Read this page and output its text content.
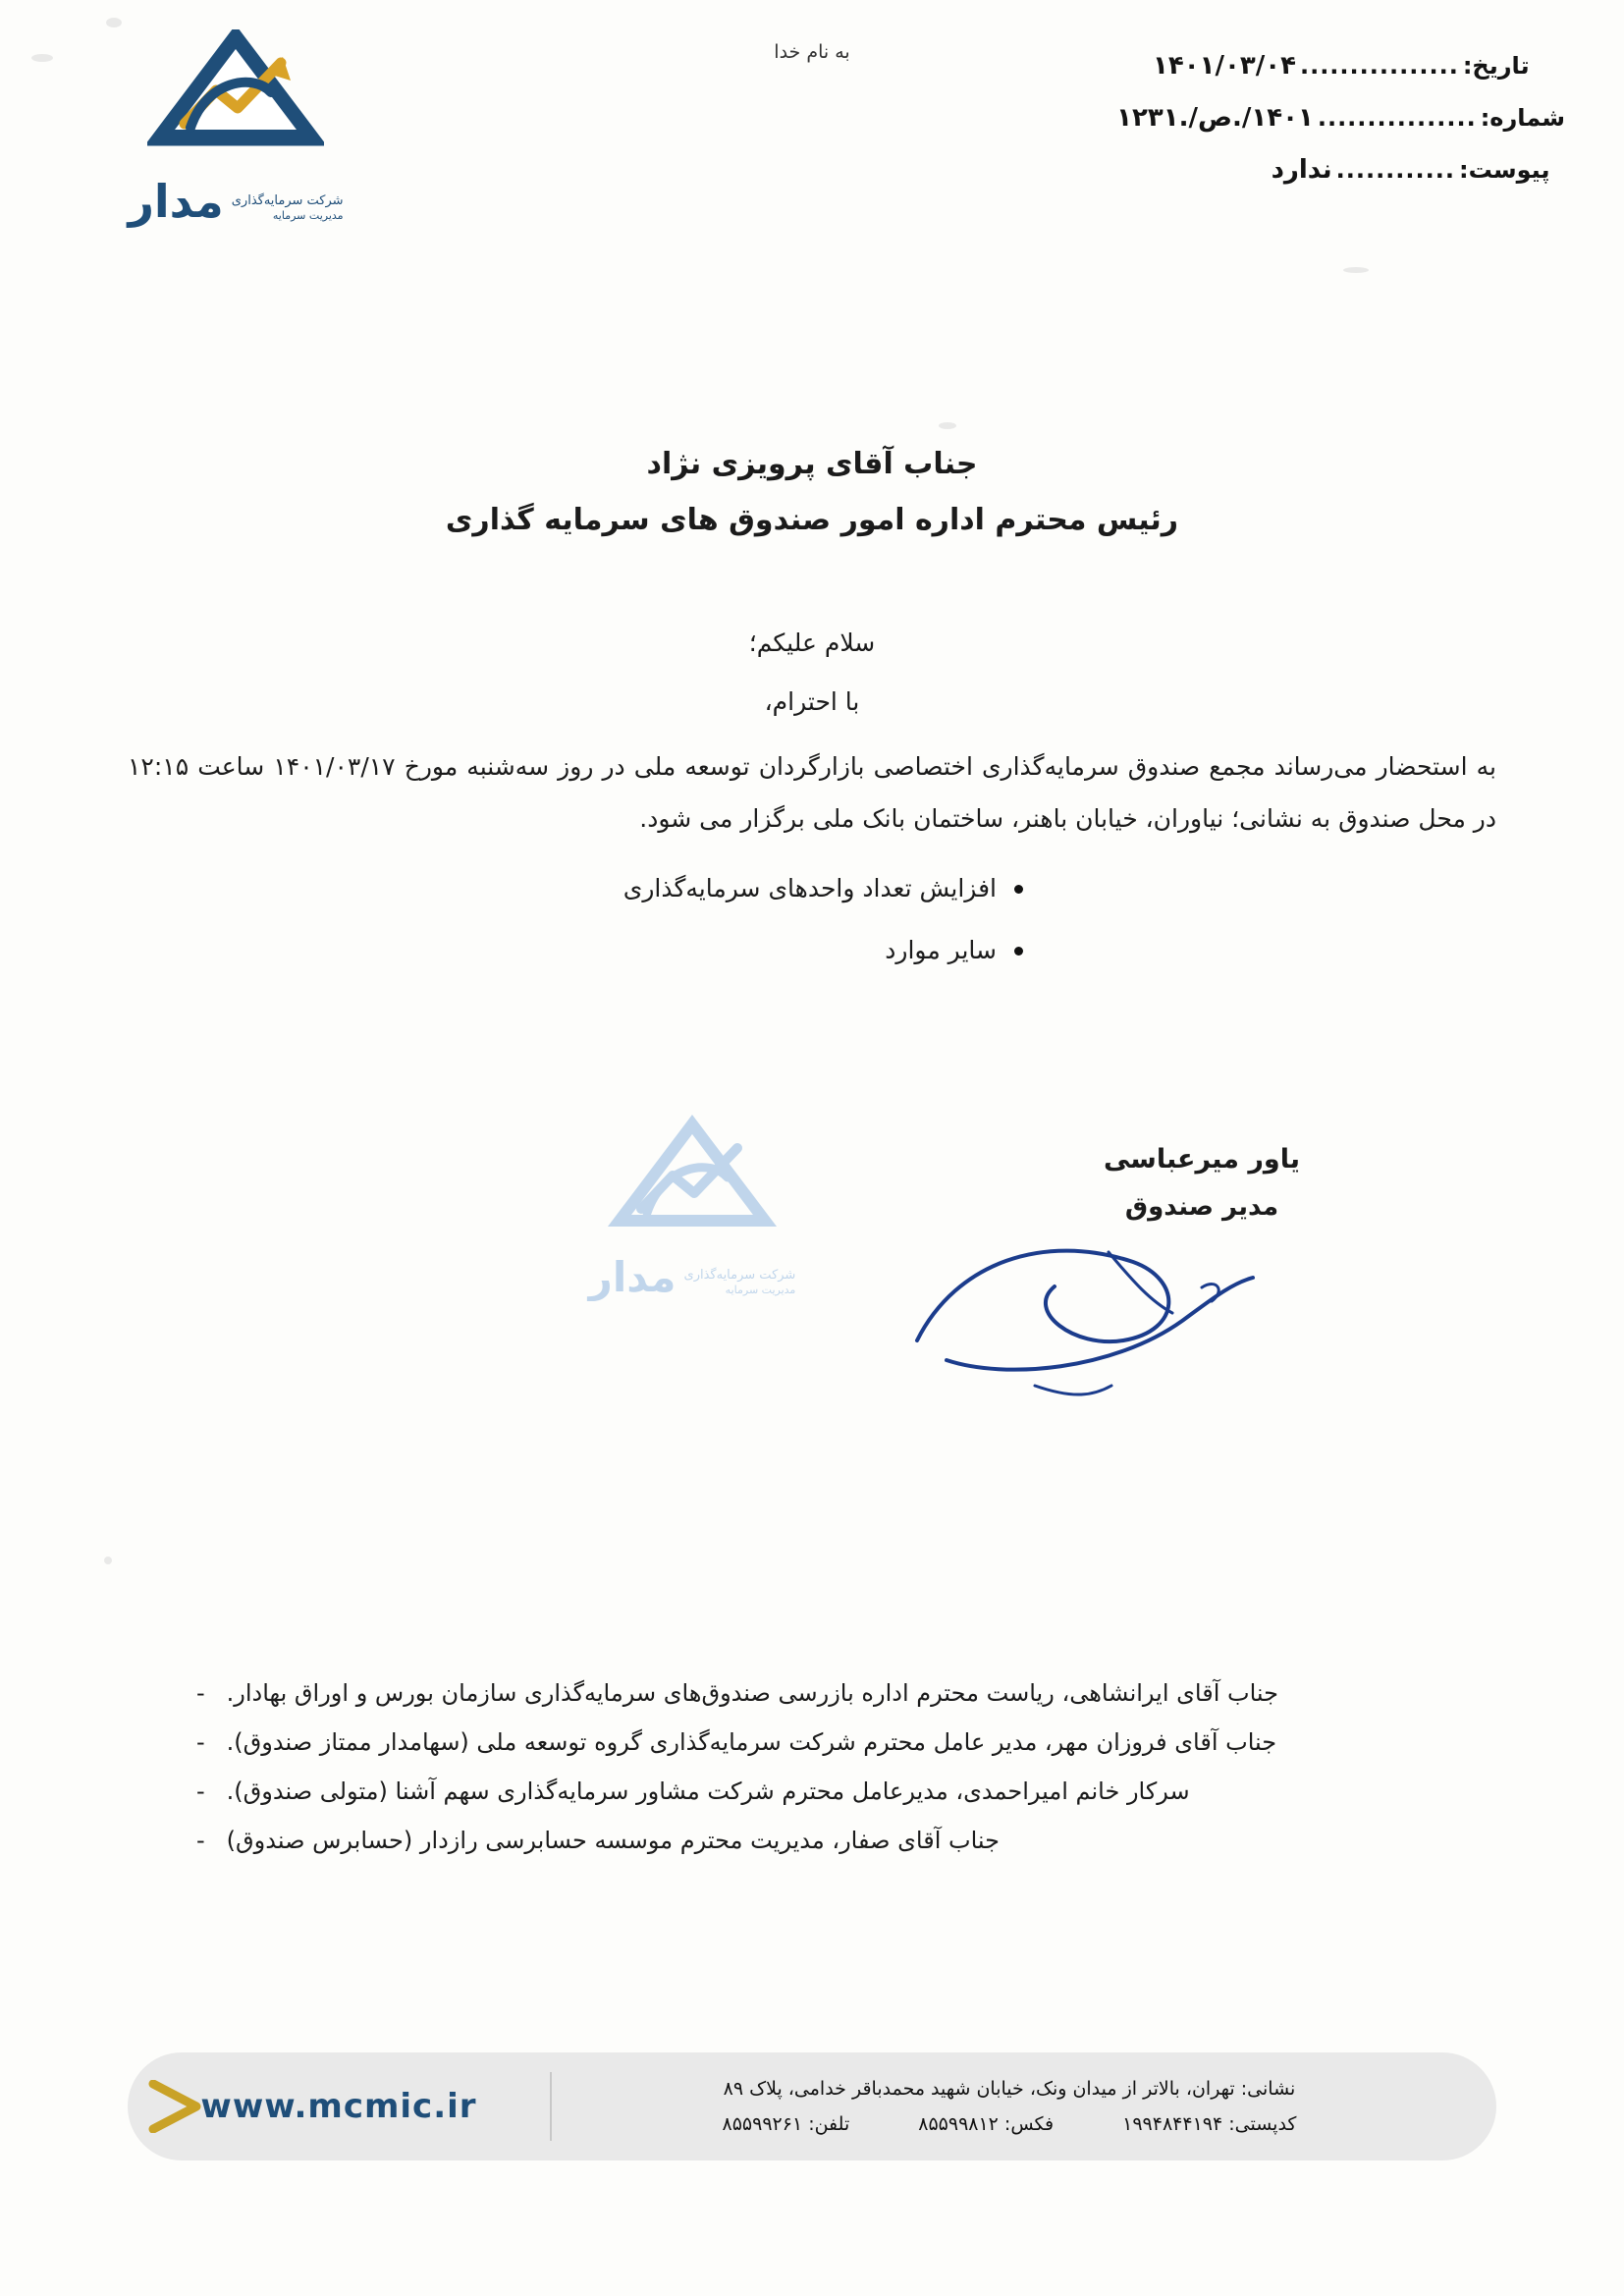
به نام خدا	تاریخ:
................
۱۴۰۱/۰۳/۰۴
شماره:
................
۱۴۰۱/.ص/.۱۲۳۱
پیوست:
............
ندارد
مدار شرکت سرمایه‌گذاری
مدیریت سرمایه
جناب آقای پرویزی نژاد
رئیس محترم اداره امور صندوق های سرمایه گذاری
سلام علیکم؛
با احترام،
به استحضار می‌رساند مجمع صندوق سرمایه‌گذاری اختصاصی بازارگردان توسعه ملی در روز سه‌شنبه مورخ ۱۴۰۱/۰۳/۱۷ ساعت ۱۲:۱۵ در محل صندوق به نشانی؛ نیاوران، خیابان باهنر، ساختمان بانک ملی برگزار می شود.
افزایش تعداد واحدهای سرمایه‌گذاری
سایر موارد
یاور میرعباسی
مدیر صندوق
مدار شرکت سرمایه‌گذاری
مدیریت سرمایه
جناب آقای ایرانشاهی، ریاست محترم اداره بازرسی صندوق‌های سرمایه‌گذاری سازمان بورس و اوراق بهادار.
-
جناب آقای فروزان مهر، مدیر عامل محترم شرکت سرمایه‌گذاری گروه توسعه ملی (سهامدار ممتاز صندوق).
-
سرکار خانم امیراحمدی، مدیرعامل محترم شرکت مشاور سرمایه‌گذاری سهم آشنا (متولی صندوق).
-
جناب آقای صفار، مدیریت محترم موسسه حسابرسی رازدار (حسابرس صندوق)
-
نشانی: تهران، بالاتر از میدان ونک، خیابان شهید محمدباقر خدامی، پلاک ۸۹
کدپستی: ۱۹۹۴۸۴۴۱۹۴
فکس: ۸۵۵۹۹۸۱۲
تلفن: ۸۵۵۹۹۲۶۱
www.mcmic.ir
